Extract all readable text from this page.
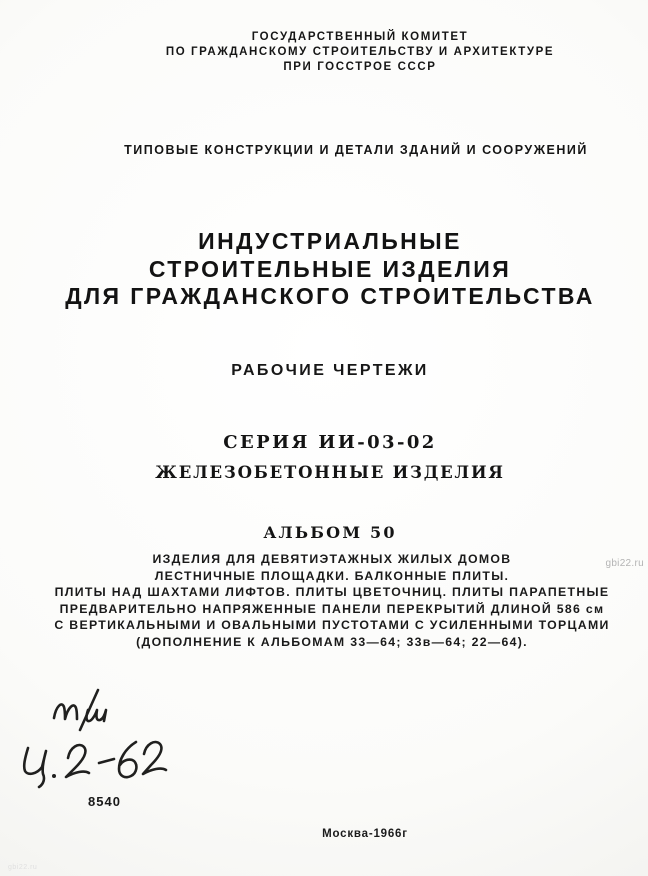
ГОСУДАРСТВЕННЫЙ КОМИТЕТ
ПО ГРАЖДАНСКОМУ СТРОИТЕЛЬСТВУ И АРХИТЕКТУРЕ
ПРИ ГОССТРОЕ СССР
ТИПОВЫЕ КОНСТРУКЦИИ И ДЕТАЛИ ЗДАНИЙ И СООРУЖЕНИЙ
ИНДУСТРИАЛЬНЫЕ
СТРОИТЕЛЬНЫЕ ИЗДЕЛИЯ
ДЛЯ ГРАЖДАНСКОГО СТРОИТЕЛЬСТВА
РАБОЧИЕ ЧЕРТЕЖИ
СЕРИЯ ИИ-03-02
ЖЕЛЕЗОБЕТОННЫЕ ИЗДЕЛИЯ
АЛЬБОМ 50
ИЗДЕЛИЯ ДЛЯ ДЕВЯТИЭТАЖНЫХ ЖИЛЫХ ДОМОВ
ЛЕСТНИЧНЫЕ ПЛОЩАДКИ. БАЛКОННЫЕ ПЛИТЫ.
ПЛИТЫ НАД ШАХТАМИ ЛИФТОВ. ПЛИТЫ ЦВЕТОЧНИЦ. ПЛИТЫ ПАРАПЕТНЫЕ
ПРЕДВАРИТЕЛЬНО НАПРЯЖЕННЫЕ ПАНЕЛИ ПЕРЕКРЫТИЙ ДЛИНОЙ 586 см
С ВЕРТИКАЛЬНЫМИ И ОВАЛЬНЫМИ ПУСТОТАМИ С УСИЛЕННЫМИ ТОРЦАМИ
(ДОПОЛНЕНИЕ К АЛЬБОМАМ 33—64; 33в—64; 22—64).
gbi22.ru
8540
Москва-1966г
gbi22.ru
